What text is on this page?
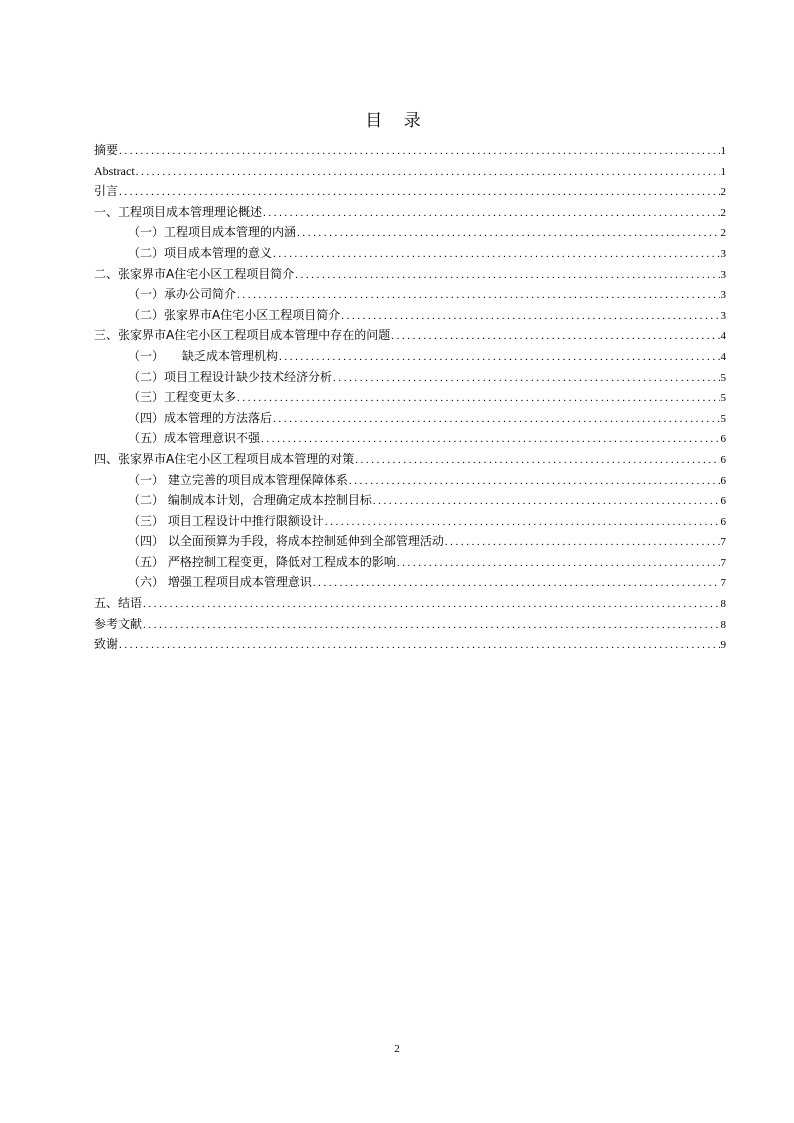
目 录
摘要 .....	1
Abstract .....	1
引言 .....	2
一、工程项目成本管理理论概述 .....	2
（一）工程项目成本管理的内涵 .....	2
（二）项目成本管理的意义 .....	3
二、张家界市A住宅小区工程项目简介 .....	3
（一）承办公司简介 .....	3
（二）张家界市A住宅小区工程项目简介 .....	3
三、张家界市A住宅小区工程项目成本管理中存在的问题 .....	4
（一）　　缺乏成本管理机构 .....	4
（二）项目工程设计缺少技术经济分析 .....	5
（三）工程变更太多 .....	5
（四）成本管理的方法落后 .....	5
（五）成本管理意识不强 .....	6
四、张家界市A住宅小区工程项目成本管理的对策 .....	6
（一） 建立完善的项目成本管理保障体系 .....	6
（二） 编制成本计划，合理确定成本控制目标 .....	6
（三） 项目工程设计中推行限额设计 .....	6
（四） 以全面预算为手段，将成本控制延伸到全部管理活动 .....	7
（五） 严格控制工程变更，降低对工程成本的影响 .....	7
（六） 增强工程项目成本管理意识 .....	7
五、结语 .....	8
参考文献 .....	8
致谢 .....	9
2
